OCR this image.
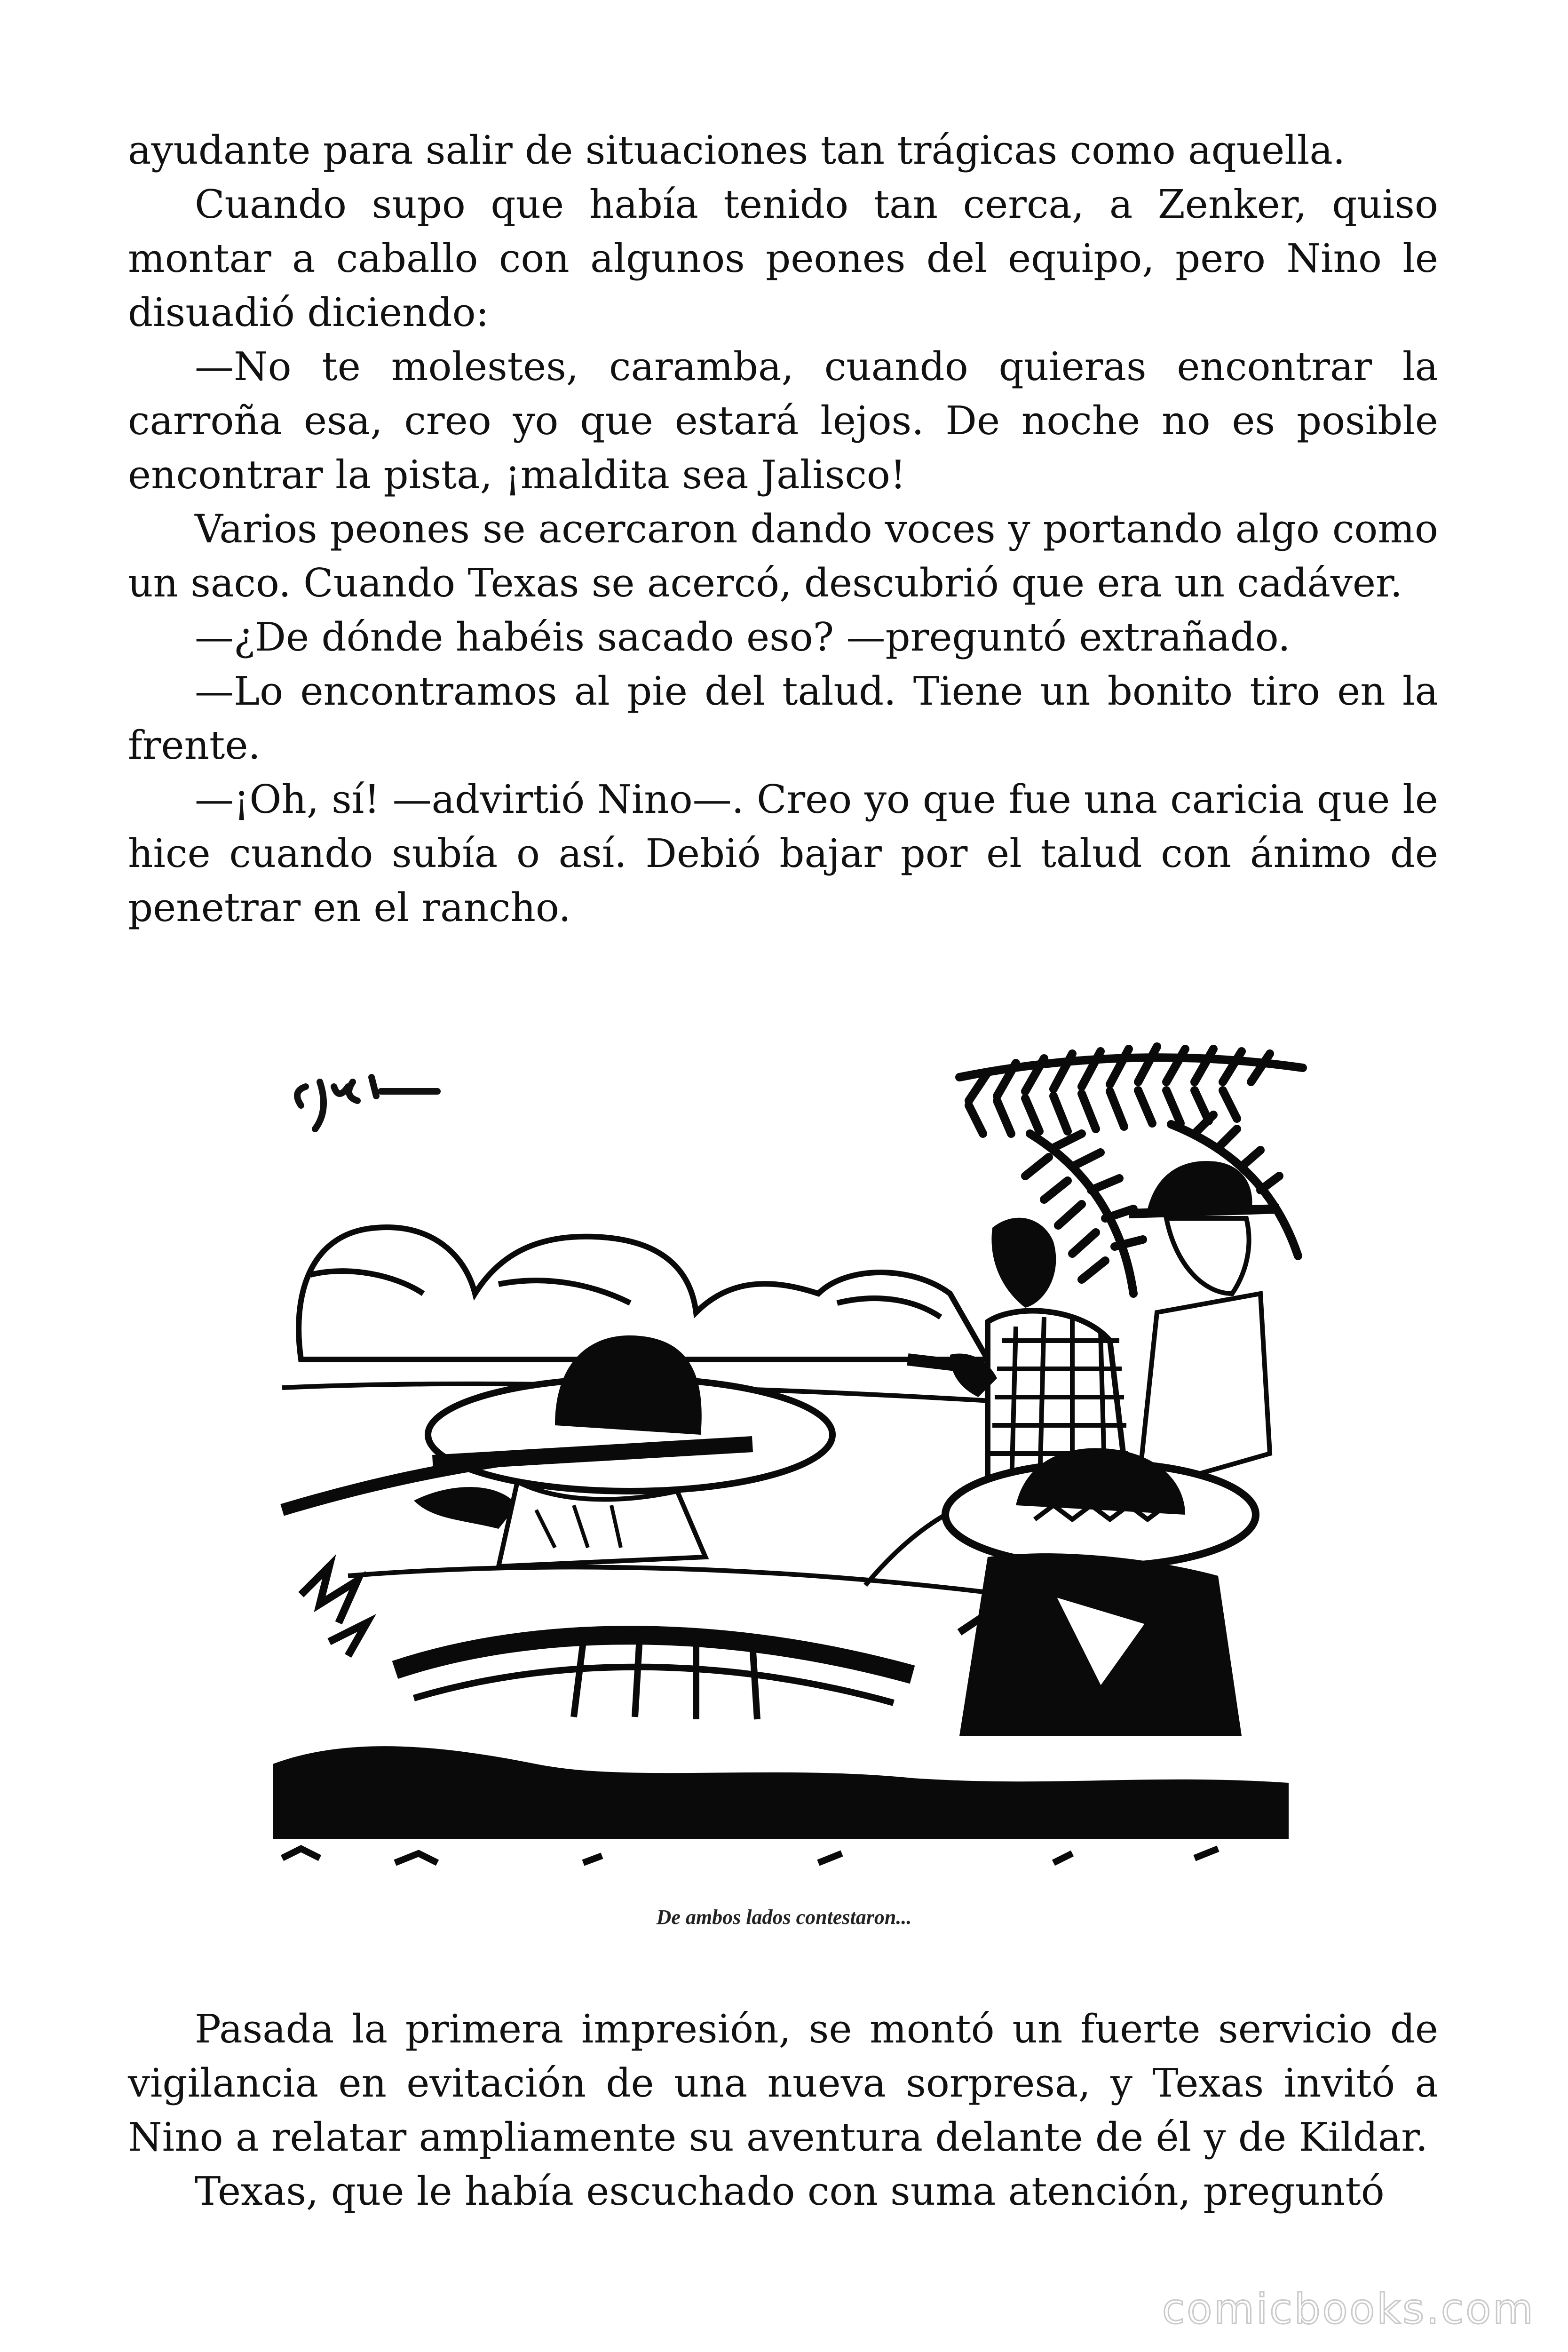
ayudante para salir de situaciones tan trágicas como aquella.

Cuando supo que había tenido tan cerca, a Zenker, quiso montar a caballo con algunos peones del equipo, pero Nino le disuadió diciendo:

—No te molestes, caramba, cuando quieras encontrar la carroña esa, creo yo que estará lejos. De noche no es posible encontrar la pista, ¡maldita sea Jalisco!

Varios peones se acercaron dando voces y portando algo como un saco. Cuando Texas se acercó, descubrió que era un cadáver.

—¿De dónde habéis sacado eso? —preguntó extrañado.

—Lo encontramos al pie del talud. Tiene un bonito tiro en la frente.

—¡Oh, sí! —advirtió Nino—. Creo yo que fue una caricia que le hice cuando subía o así. Debió bajar por el talud con ánimo de penetrar en el rancho.

De ambos lados contestaron...

Pasada la primera impresión, se montó un fuerte servicio de vigilancia en evitación de una nueva sorpresa, y Texas invitó a Nino a relatar ampliamente su aventura delante de él y de Kildar.

Texas, que le había escuchado con suma atención, preguntó

comicbooks.com
